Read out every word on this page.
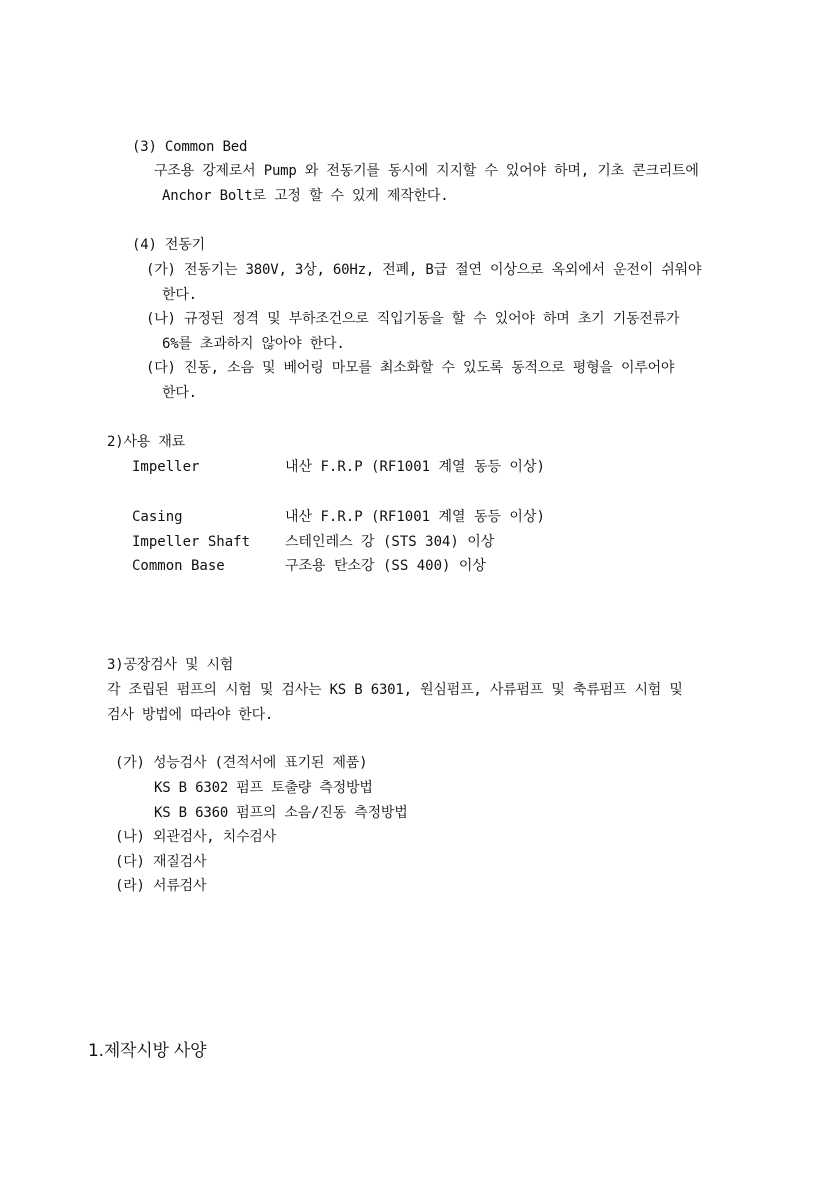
(3) Common Bed
구조용 강제로서 Pump 와 전동기를 동시에 지지할 수 있어야 하며, 기초 콘크리트에
Anchor Bolt로 고정 할 수 있게 제작한다.
(4) 전동기
(가) 전동기는 380V, 3상, 60Hz, 전폐, B급 절연 이상으로 옥외에서 운전이 쉬워야
한다.
(나) 규정된 정격 및 부하조건으로 직입기동을 할 수 있어야 하며 초기 기동전류가
6%를 초과하지 않아야 한다.
(다) 진동, 소음 및 베어링 마모를 최소화할 수 있도록 동적으로 평형을 이루어야
한다.
2)사용 재료
Impeller	내산 F.R.P (RF1001 계열 동등 이상)
Casing	내산 F.R.P (RF1001 계열 동등 이상)
Impeller Shaft 스테인레스 강 (STS 304) 이상
Common Base	구조용 탄소강 (SS 400) 이상
3)공장검사 및 시험
각 조립된 펌프의 시험 및 검사는 KS B 6301, 원심펌프, 사류펌프 및 축류펌프 시험 및
검사 방법에 따라야 한다.
(가) 성능검사 (견적서에 표기된 제품)
KS B 6302 펌프 토출량 측정방법
KS B 6360 펌프의 소음/진동 측정방법
(나) 외관검사, 치수검사
(다) 재질검사
(라) 서류검사
1.제작시방 사양
